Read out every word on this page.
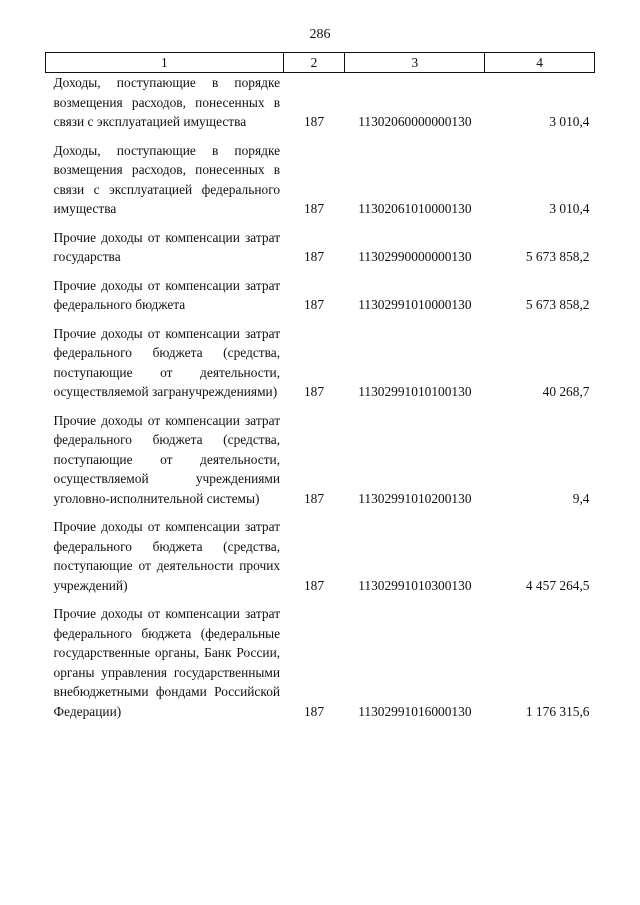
286
1	2	3	4
Доходы, поступающие в порядке возмещения расходов, понесенных в связи с эксплуатацией имущества	187	11302060000000130	3 010,4
Доходы, поступающие в порядке возмещения расходов, понесенных в связи с эксплуатацией федерального имущества	187	11302061010000130	3 010,4
Прочие доходы от компенсации затрат государства	187	11302990000000130	5 673 858,2
Прочие доходы от компенсации затрат федерального бюджета	187	11302991010000130	5 673 858,2
Прочие доходы от компенсации затрат федерального бюджета (средства, поступающие от деятельности, осуществляемой загранучреждениями)	187	11302991010100130	40 268,7
Прочие доходы от компенсации затрат федерального бюджета (средства, поступающие от деятельности, осуществляемой учреждениями уголовно-исполнительной системы)	187	11302991010200130	9,4
Прочие доходы от компенсации затрат федерального бюджета (средства, поступающие от деятельности прочих учреждений)	187	11302991010300130	4 457 264,5
Прочие доходы от компенсации затрат федерального бюджета (федеральные государственные органы, Банк России, органы управления государственными внебюджетными фондами Российской Федерации)	187	11302991016000130	1 176 315,6
